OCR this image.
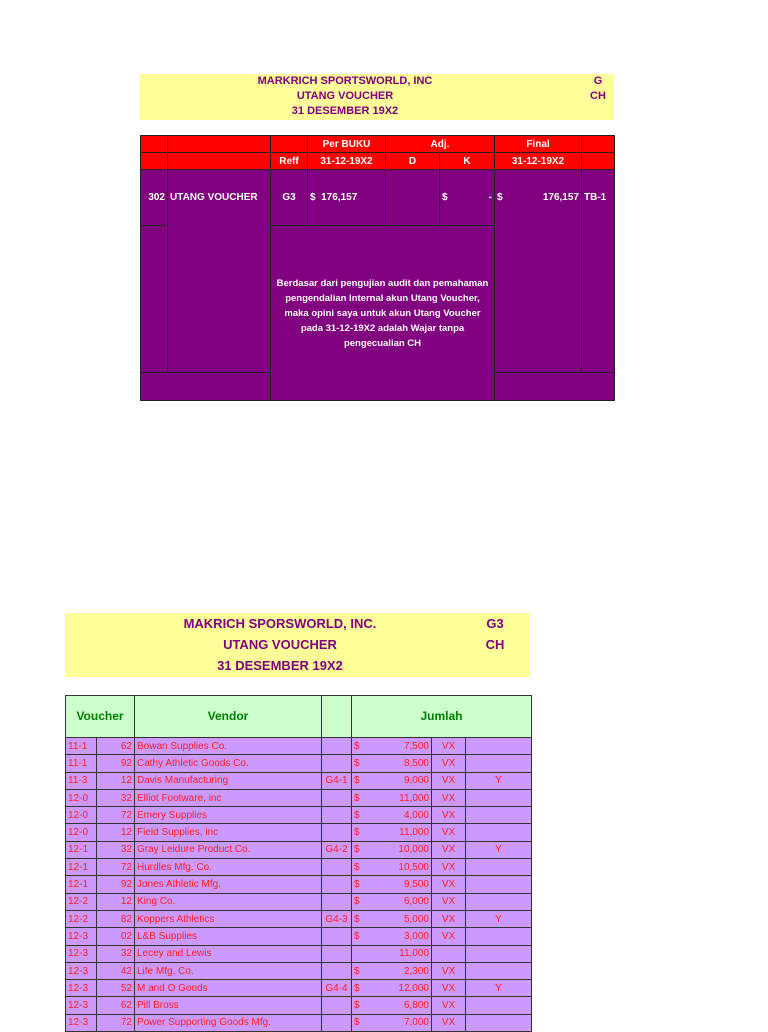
MARKRICH SPORTSWORLD, INC
UTANG VOUCHER
31 DESEMBER 19X2
G
CH
			Per BUKU	Adj.		Final	
		Reff	31-12-19X2	D	K	31-12-19X2	
302	UTANG VOUCHER	G3	$ 176,157		$ -	$ 176,157	TB-1
		Berdasar dari pengujian audit dan pemahaman pengendalian Internal akun Utang Voucher, maka opini saya untuk akun Utang Voucher pada 31-12-19X2 adalah Wajar tanpa pengecualian CH					

MAKRICH SPORSWORLD, INC.
UTANG VOUCHER
31 DESEMBER 19X2
G3
CH
Voucher		Vendor		Jumlah		
11-1	62	Bowan Supplies Co.		$ 7,500	VX	
11-1	92	Cathy Athletic Goods Co.		$ 8,500	VX	
11-3	12	Davis Manufacturing	G4-1	$ 9,000	VX	Y
12-0	32	Elliot Footware, inc		$ 11,000	VX	
12-0	72	Emery Supplies		$ 4,000	VX	
12-0	12	Field Supplies, inc		$ 11,000	VX	
12-1	32	Gray Leidure Product Co.	G4-2	$ 10,000	VX	Y
12-1	72	Hurdles Mfg. Co.		$ 10,500	VX	
12-1	92	Jones Athletic Mfg.		$ 9,500	VX	
12-2	12	King Co.		$ 6,000	VX	
12-2	82	Koppers Athletics	G4-3	$ 5,000	VX	Y
12-3	02	L&B Supplies		$ 3,000	VX	
12-3	32	Lecey and Lewis		11,000		

12-3	42	Life Mfg. Co.		$ 2,300	VX	
12-3	52	M and O Goods	G4-4	$ 12,000	VX	Y
12-3	62	Pill Bross		$ 6,800	VX	
12-3	72	Power Supporting Goods Mfg.		$ 7,000	VX	
